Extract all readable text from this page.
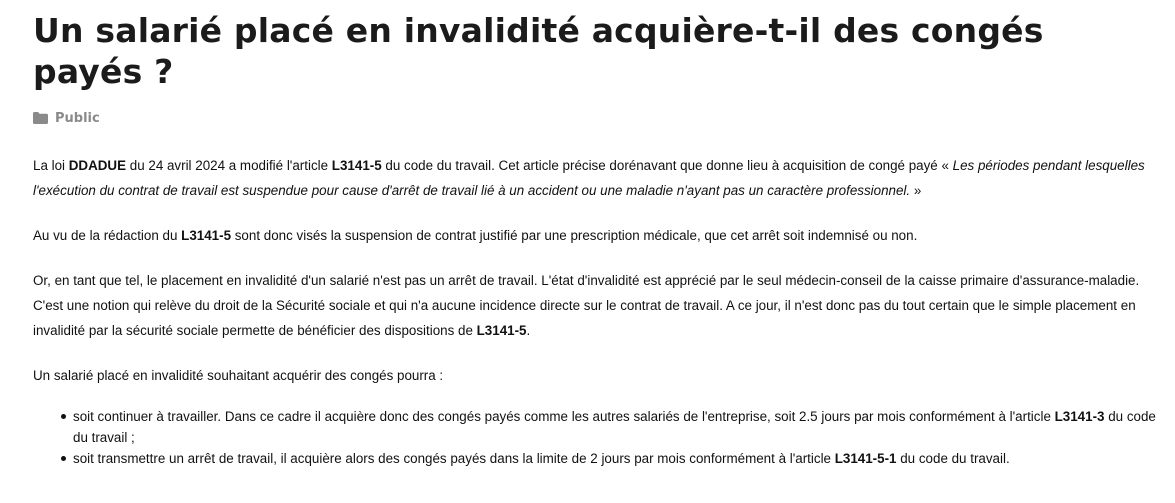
Un salarié placé en invalidité acquière-t-il des congés payés ?
Public

La loi DDADUE du 24 avril 2024 a modifié l'article L3141-5 du code du travail. Cet article précise dorénavant que donne lieu à acquisition de congé payé « Les périodes pendant lesquelles l'exécution du contrat de travail est suspendue pour cause d'arrêt de travail lié à un accident ou une maladie n'ayant pas un caractère professionnel. »

Au vu de la rédaction du L3141-5 sont donc visés la suspension de contrat justifié par une prescription médicale, que cet arrêt soit indemnisé ou non.

Or, en tant que tel, le placement en invalidité d'un salarié n'est pas un arrêt de travail. L'état d'invalidité est apprécié par le seul médecin-conseil de la caisse primaire d'assurance-maladie. C'est une notion qui relève du droit de la Sécurité sociale et qui n'a aucune incidence directe sur le contrat de travail. A ce jour, il n'est donc pas du tout certain que le simple placement en invalidité par la sécurité sociale permette de bénéficier des dispositions de L3141-5.

Un salarié placé en invalidité souhaitant acquérir des congés pourra :

soit continuer à travailler. Dans ce cadre il acquière donc des congés payés comme les autres salariés de l'entreprise, soit 2.5 jours par mois conformément à l'article L3141-3 du code du travail ;
soit transmettre un arrêt de travail, il acquière alors des congés payés dans la limite de 2 jours par mois conformément à l'article L3141-5-1 du code du travail.
